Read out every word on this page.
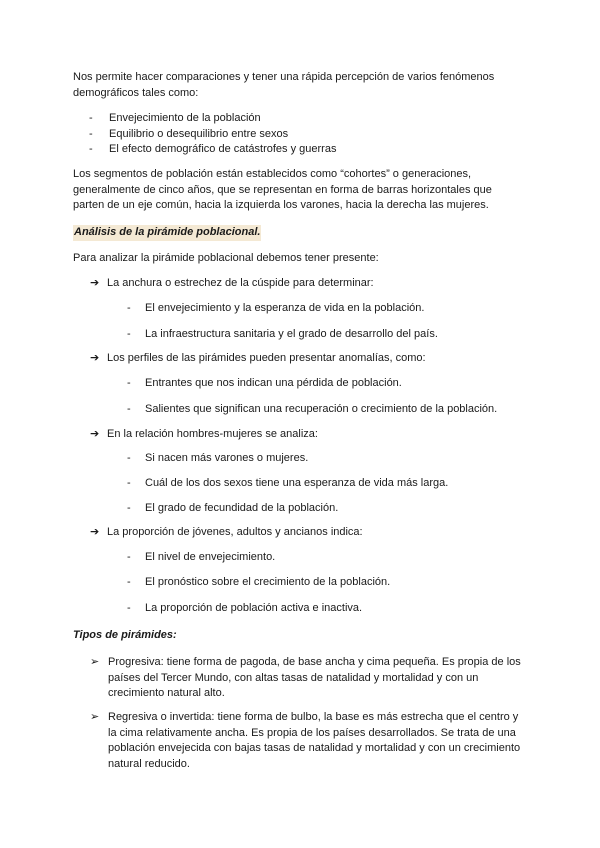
Nos permite hacer comparaciones y tener una rápida percepción de varios fenómenos
demográficos tales como:
- Envejecimiento de la población
- Equilibrio o desequilibrio entre sexos
- El efecto demográfico de catástrofes y guerras
Los segmentos de población están establecidos como “cohortes” o generaciones,
generalmente de cinco años, que se representan en forma de barras horizontales que
parten de un eje común, hacia la izquierda los varones, hacia la derecha las mujeres.
Análisis de la pirámide poblacional.
Para analizar la pirámide poblacional debemos tener presente:
➔ La anchura o estrechez de la cúspide para determinar:
- El envejecimiento y la esperanza de vida en la población.
- La infraestructura sanitaria y el grado de desarrollo del país.
➔ Los perfiles de las pirámides pueden presentar anomalías, como:
- Entrantes que nos indican una pérdida de población.
- Salientes que significan una recuperación o crecimiento de la población.
➔ En la relación hombres-mujeres se analiza:
- Si nacen más varones o mujeres.
- Cuál de los dos sexos tiene una esperanza de vida más larga.
- El grado de fecundidad de la población.
➔ La proporción de jóvenes, adultos y ancianos indica:
- El nivel de envejecimiento.
- El pronóstico sobre el crecimiento de la población.
- La proporción de población activa e inactiva.
Tipos de pirámides:
➢ Progresiva: tiene forma de pagoda, de base ancha y cima pequeña. Es propia de los
países del Tercer Mundo, con altas tasas de natalidad y mortalidad y con un
crecimiento natural alto.
➢ Regresiva o invertida: tiene forma de bulbo, la base es más estrecha que el centro y
la cima relativamente ancha. Es propia de los países desarrollados. Se trata de una
población envejecida con bajas tasas de natalidad y mortalidad y con un crecimiento
natural reducido.
